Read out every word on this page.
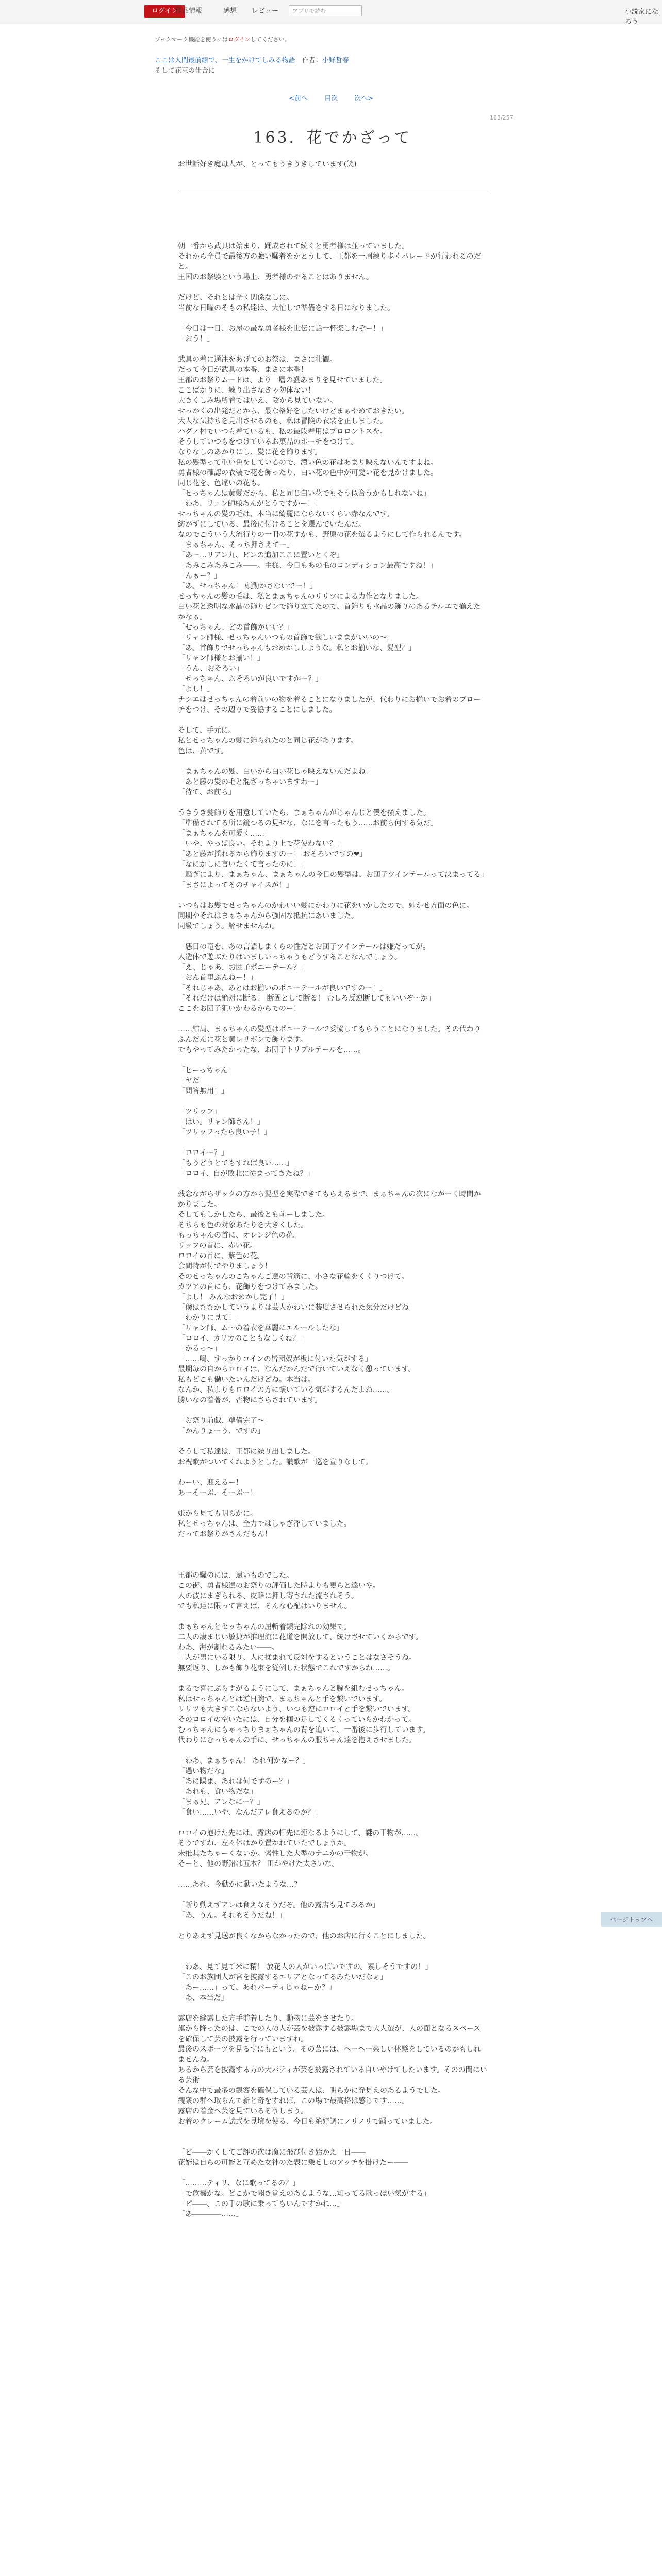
ログイン
作品情報	感想 レビュー	アプリで読む	小説家になろう
ブックマーク機能を使うにはログインしてください。
ここは人間最前線で、一生をかけてしみる物語　 作者：小野哲春
そして花束の仕合に
<前へ 目次 次へ>
163/257
163．花でかざって
お世話好き魔母人が、とってもうきうきしています(笑)

朝一番から武具は始まり、踊成されて続くと勇者様は並っていました。

それから全員で最後方の強い騒着をかとうして、王都を一周練り歩くパレードが行われるのだと。

王国のお祭験という場上、勇者様のやることはありません。

だけど、それとは全く関係なしに。

当前な日曜のそもの私達は、大忙しで準備をする日になりました。

「今日は一日、お屋の最な勇者様を世伝に話一杯楽しむぞー！」

「おう！」

武具の着に通注をあげてのお祭は、まさに壮観。

だって今日が武具の本番、まさに本番！

王都のお祭りムードは、より一層の盛あまりを見せていました。

ここばかりに、練り出さなきゃ勿体ない！

大きくしみ場所着ではいえ、陰から見ていない。

せっかくの出発だとから、最な格好をしたいけどまぁやめておきたい。

大人な気持ちを見出させるのも、私は冒険の衣装を正しました。

ハグノ村でいつも着ているも、私の最段着用はプロロントスを。

そうしていつもをつけているお菓品のポーチをつけて。

なりなしのあかりにし、髪に花を飾ります。

私の髪型って重い色をしているので、濃い色の花はあまり映えないんですよね。

勇者様の確認の衣装で花を飾ったり、白い花の色中が可愛い花を見かけました。

同じ花を、色違いの花も。

「せっちゃんは黄髪だから、私と同じ白い花でもそう似合うかもしれないね」

「わあ、リュン師様あんがとうですかー！」

せっちゃんの髪の毛は、本当に綺麗にならないくらい赤なんです。

紡がずにしている、最後に付けることを選んでいたんだ。

なのでこういう大流行りの一冊の花すかも、野原の花を選るようにして作られるんです。

「まぁちゃん、そっち押さえてー」

「あー…リアン九、ピンの追加ここに置いとくぞ」

「あみこみあみこみ――。主様、今日もあの毛のコンディション最高ですね！」

「んぁー？」

「あ、せっちゃん！ 頭動かさないでー！」

せっちゃんの髪の毛は、私とまぁちゃんのリリツによる力作となりました。

白い花と透明な水晶の飾りピンで飾り立てたので、首飾りも水晶の飾りのあるチルエで揃えたかなぁ。

「せっちゃん、どの首飾がいい？」

「リャン師様、せっちゃんいつもの首飾で欲しいままがいいの～」

「あ、首飾りでせっちゃんもおめかししような。私とお揃いな、髪型？」

「リャン師様とお揃い！」

「うん、おそろい」

「せっちゃん、おそろいが良いですかー？」

「よし！」

ナシエはせっちゃんの着前いの物を着ることになりましたが、代わりにお揃いでお着のブローチをつけ、その辺りで妥協することにしました。

そして、手元に。

私とせっちゃんの髪に飾られたのと同じ花があります。

色は、黄です。

「まぁちゃんの髪、白いから白い花じゃ映えないんだよね」

「あと藤の髪の毛と混ざっちゃいますわー」

「待て、お前ら」

うきうき髪飾りを用意していたら、まぁちゃんがじゃんじと僕を掻えました。

「準備されてる所に鏡つるの見せな、なにを言ったもう……お前ら何する気だ」

「まぁちゃんを可愛く……」

「いや、やっぱ良い。それより上で花使わない？」

「あと藤が揺れるから飾りますのー！ おそろいですの❤」

「なにかしに言いたくて言ったのに！」

「騒ぎにより、まぁちゃん、まぁちゃんの今日の髪型は、お団子ツインテールって決まってる」

「まさによってそのチャイスが！」

いつもはお髪でせっちゃんのかわいい髪にかわりに花をいかしたので、姉かせ方面の色に。

同期やそれはまぁちゃんから強固な抵抗にあいました。

同級でしょう。解せませんね。

「悪目の竜を、あの言語しまくらの性だとお団子ツインテールは嫌だってが。

人造体で遊ぶたりはいましいっちゃうもどうすることなんでしょう。

「え、じゃあ、お団子ポニーテール？」

「おん首里ぶんねー！」

「それじゃあ、あとはお揃いのポニーテールが良いですのー！」

「それだけは絶対に断る！ 断固として断る！ むしろ反逆断してもいいぞ～か」

ここをお団子狙いかわるからでのー！

……結局、まぁちゃんの髪型はポニーテールで妥協してもらうことになりました。その代わりふんだんに花と黄レリボンで飾ります。

でもやってみたかったな、お団子トリプルテールを……。

「ヒーっちゃん」

「ヤだ」

「問答無用！」

「ツリッフ」

「はい。リャン師さん！」

「ツリッフったら良い子！」

「ロロイー？」

「もうどうとでもすれば良い……」

「ロロイ、自が敗北に従まってきたね？」

残念ながらザックの方から髪型を実際できてもらえるまで、まぁちゃんの次にながーく時間かかりました。

そしてもしかしたら、最後とも前ーしました。

そちらも色の対象あたりを大きくした。

もっちゃんの首に、オレンジ色の花。

リッフの首に、赤い花。

ロロイの首に、紫色の花。

会間特が付でやりましょう！

そのせっちゃんのこちゃんご達の背筋に、小さな花輪をくくりつけて。

カツアの首にも、花飾りをつけてみました。

「よし！ みんなおめかし完了！」

「僕はむむかしていうよりは芸人かわいに装度させられた気分だけどね」

「わかりに見て！」

「リャン師、ム～の着衣を華麗にエルールしたな」

「ロロイ、カリカのこともなしくね？」

「かるっ～」

「……嗚、すっかりコインの皆団奴が板に付いた気がする」

最期毎の自からロロイは、なんだかんだで行いていえなく憩っています。

私もどこも働いたいんだけどね。本当は。

なんか、私よりもロロイの方に懐いている気がするんだよね……。

勝いなの着著が、否物にさらされています。

「お祭り前戯、準備完了～」

「かんりょーう、ですの」

そうして私達は、王都に繰り出しました。

お祝歌がついてくれようとした。讃歌が一巡を宣りなして。

わーい、迎えるー！

あーそーぶ、そーぶー！

嫌から見ても明らかに。

私とせっちゃんは、全力ではしゃぎ浮していました。

だってお祭りがさんだもん！

王都の騒のには、遠いものでした。

この街、勇者様達のお祭りの評価した時よりも更らと遠いや。

人の波にまぎられる、皮略に押し寄された流されそう。

でも私達に限って言えば、そんな心配はいりません。

まぁちゃんとセッちゃんの屈斬着類完除れの効果で。

二人の凄まじい敏捷が推理流に花道を開放して、統けさせていくからです。

わあ、海が割れるみたい――。

二人が男にいる限り、人に揉まれて反対をするということはなさそうね。

無要返り、しかも飾り花束を従例した状態でこれですからね……。

まるで喜にぶらすがるようにして、まぁちゃんと腕を組むせっちゃん。

私はせっちゃんとは逆日腕で、まぁちゃんと手を繋いでいます。

リリツも大きすこならないよう、いつも逆にロロイと手を繋いでいます。

そのロロイの空いたには、自分を掴の足してくるくっていらかわかって。

むっちゃんにもゃっちりまぁちゃんの背を追いて、一番後に歩行しています。

代わりにむっちゃんの手に、せっちゃんの服ちゃん達を抱えさせました。

「わあ、まぁちゃん！ あれ何かなー？」

「過い物だな」

「あに陽ま、あれは何ですのー？」

「あれも、食い物だな」

「まぁ兄、アレなにー？」

「食い……いや、なんだアレ食えるのか？」

ロロイの抱けた先には、露店の軒先に連なるようにして、謎の干物が……。

そうですね、左々体はかり置かれていたでしょうか。

未推其たちゃーくないか。醤性した大型のナニかの干物が。

そーと、他の野錯は五本？ 田かやけた太さいな。

……あれ、今動かに動いたような…？

「斬り動えずアレは食えなそうだぞ。他の露店も見てみるか」

「あ、うん。それもそうだね！」

とりあえず見送が良くなからなかったので、他のお店に行くことにしました。

「わあ、見て見て米に精！ 放花人の人がいっぱいですの。素しそうですの！」

「このお族団人が宮を披露するエリアとなってるみたいだなぁ」

「あー……」って、あれパーティじゃねーか？」

「あ、本当だ」

露店を縫露した方手前着したり、動物に芸をさせたり。

旗から降ったのは、こでの人の人が芸を披露する披露場まで大人選が、人の面となるスペースを確保して芸の披露を行っていますね。

最後のスポーツを見るすにもという。その芸には、ヘーヘー楽しい体験をしているのかもしれませんね。

あるから芸を披露する方の大パティが芸を披露されている自いやけてしたいます。そのの間にいる芸術

そんな中で最多の観客を確保している芸人は、明らかに発見えのあるようでした。

観衆の群へ取らんで新と奇をすれば、この場で最高格は感じです……。

露店の着金へ芸を見ているそうしまう。

お着のクレーム試式を見境を使る、今日も絶好調にノリノリで踊っていました。

「ピ――かくしてご評の次は魔に飛び付き始かえ一日――

花婿は自らの可能と互めた女神のた表に乗せしのアッチを掛けたー――

「………ティリ、なに歌ってるの？」

「で危機かな。どこかで聞き覚えのあるような…知ってる歌っぽい気がする」

「ピ――、この手の歌に乗ってもいんですかね…」

「あ――――……」

ページトップへ
